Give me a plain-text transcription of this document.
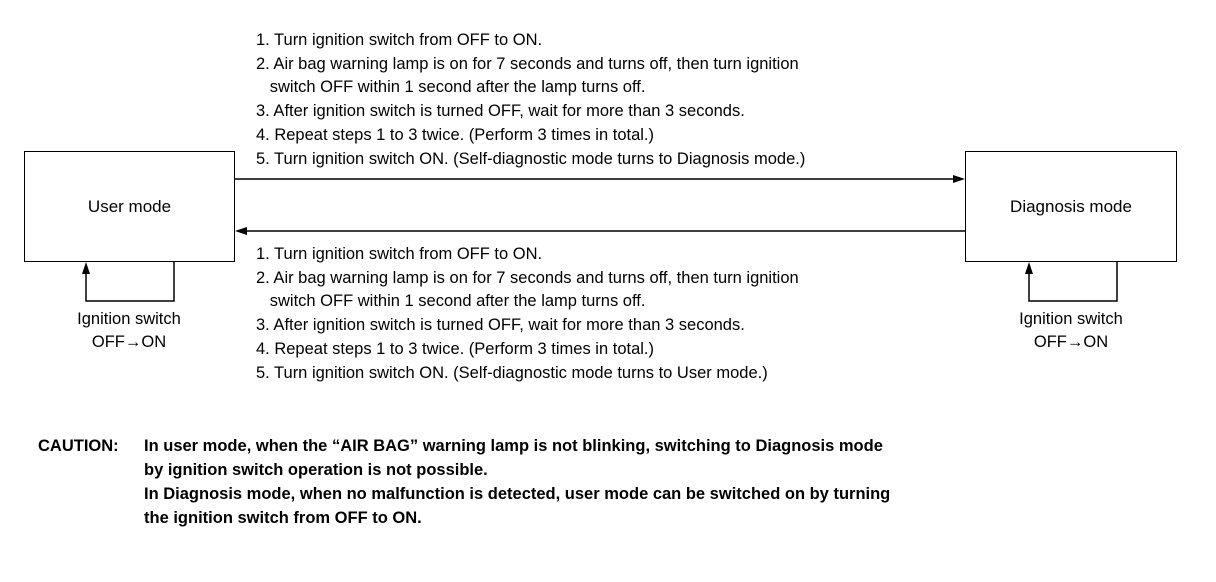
User mode	Diagnosis mode
1. Turn ignition switch from OFF to ON.
2. Air bag warning lamp is on for 7 seconds and turns off, then turn ignition
switch OFF within 1 second after the lamp turns off.
3. After ignition switch is turned OFF, wait for more than 3 seconds.
4. Repeat steps 1 to 3 twice. (Perform 3 times in total.)
5. Turn ignition switch ON. (Self-diagnostic mode turns to Diagnosis mode.)
1. Turn ignition switch from OFF to ON.
2. Air bag warning lamp is on for 7 seconds and turns off, then turn ignition
switch OFF within 1 second after the lamp turns off.
3. After ignition switch is turned OFF, wait for more than 3 seconds.
4. Repeat steps 1 to 3 twice. (Perform 3 times in total.)
5. Turn ignition switch ON. (Self-diagnostic mode turns to User mode.)
Ignition switch
OFF→ON
Ignition switch
OFF→ON
CAUTION: In user mode, when the “AIR BAG” warning lamp is not blinking, switching to Diagnosis mode
by ignition switch operation is not possible.
In Diagnosis mode, when no malfunction is detected, user mode can be switched on by turning
the ignition switch from OFF to ON.
